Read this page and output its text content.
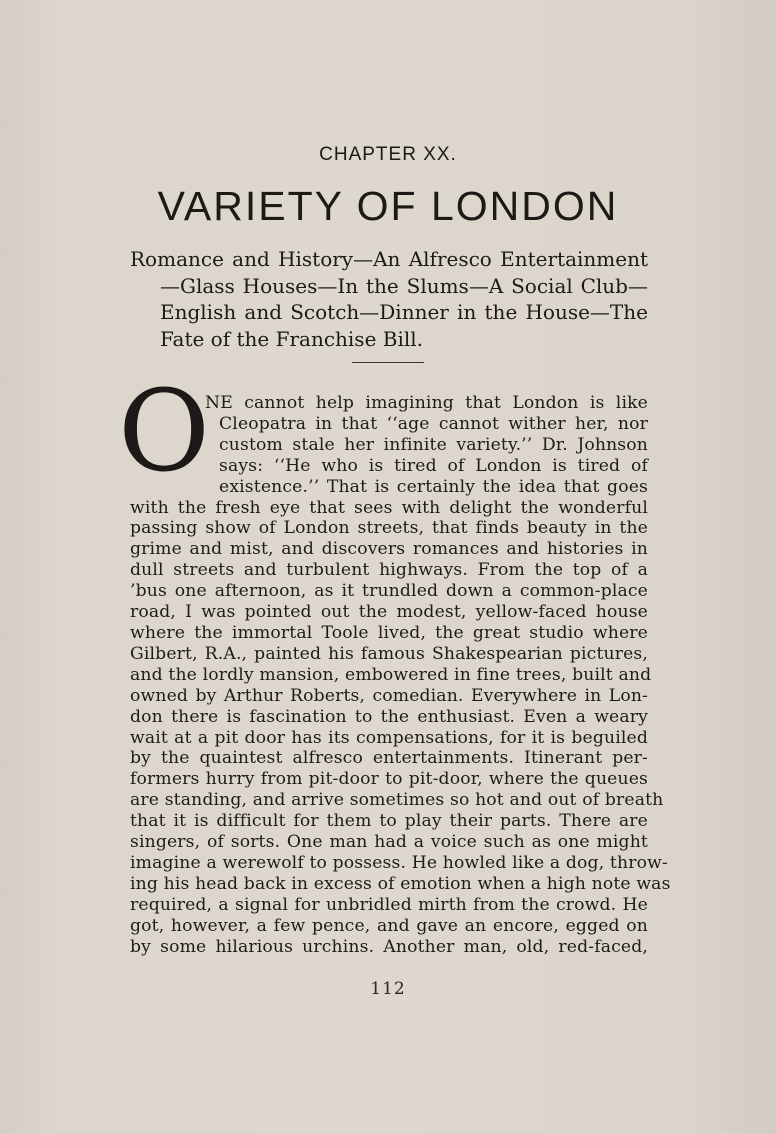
CHAPTER XX.
VARIETY OF LONDON
Romance and History—An Alfresco Entertainment—Glass Houses—In the Slums—A Social Club—English and Scotch—Dinner in the House—The Fate of the Franchise Bill.
O
NE cannot help imagining that London is like
Cleopatra in that ‘‘age cannot wither her, nor
custom stale her infinite variety.’’ Dr. Johnson
says: ‘‘He who is tired of London is tired of
existence.’’ That is certainly the idea that goes
with the fresh eye that sees with delight the wonderful
passing show of London streets, that finds beauty in the
grime and mist, and discovers romances and histories in
dull streets and turbulent highways. From the top of a
’bus one afternoon, as it trundled down a common-place
road, I was pointed out the modest, yellow-faced house
where the immortal Toole lived, the great studio where
Gilbert, R.A., painted his famous Shakespearian pictures,
and the lordly mansion, embowered in fine trees, built and
owned by Arthur Roberts, comedian. Everywhere in Lon-
don there is fascination to the enthusiast. Even a weary
wait at a pit door has its compensations, for it is beguiled
by the quaintest alfresco entertainments. Itinerant per-
formers hurry from pit-door to pit-door, where the queues
are standing, and arrive sometimes so hot and out of breath
that it is difficult for them to play their parts. There are
singers, of sorts. One man had a voice such as one might
imagine a werewolf to possess. He howled like a dog, throw-
ing his head back in excess of emotion when a high note was
required, a signal for unbridled mirth from the crowd. He
got, however, a few pence, and gave an encore, egged on
by some hilarious urchins. Another man, old, red-faced,
112
